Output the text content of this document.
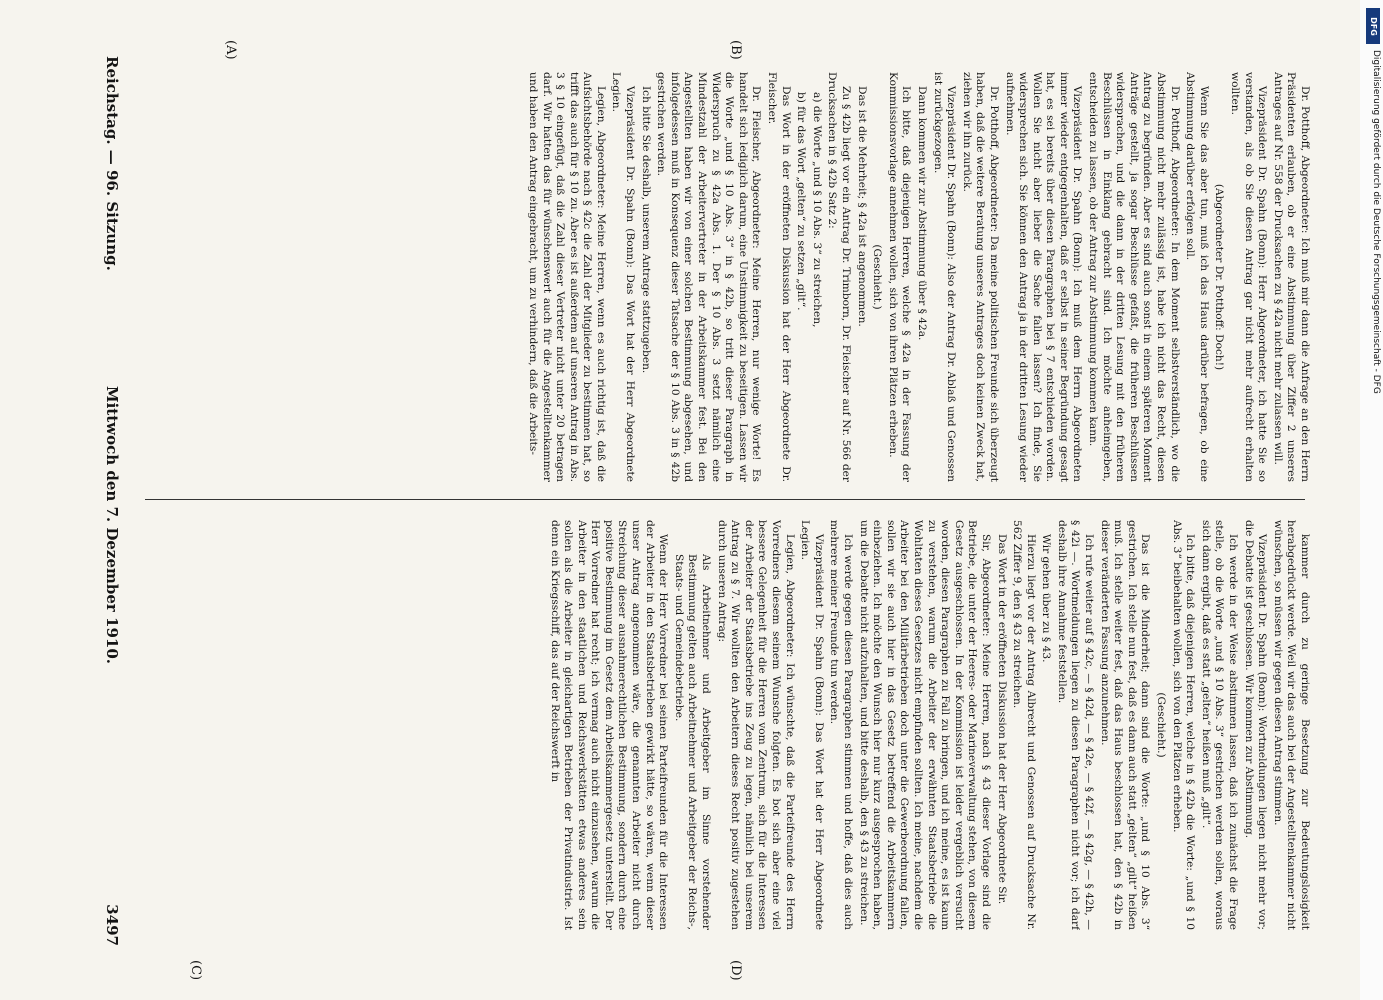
Reichstag. — 96. Sitzung.
Mittwoch den 7. Dezember 1910.
3497
(A)	(B)
(C)	(D)

Dr. Potthoff, Abgeordneter: Ich muß mir dann die Anfrage an den Herrn Präsidenten erlauben, ob er eine Abstimmung über Ziffer 2 unseres Antrages auf Nr. 558 der Drucksachen zu § 42a nicht mehr zulassen will.

Vizepräsident Dr. Spahn (Bonn): Herr Abgeordneter, ich hatte Sie so verstanden, als ob Sie diesen Antrag gar nicht mehr aufrecht erhalten wollten.

(Abgeordneter Dr. Potthoff: Doch!)

Wenn Sie das aber tun, muß ich das Haus darüber befragen, ob eine Abstimmung darüber erfolgen soll.

Dr. Potthoff, Abgeordneter: In dem Moment selbstverständlich, wo die Abstimmung nicht mehr zulässig ist, habe ich nicht das Recht, diesen Antrag zu begründen. Aber es sind auch sonst in einem späteren Moment Anträge gestellt, ja sogar Beschlüsse gefaßt, die früheren Beschlüssen widersprachen, und die dann in der dritten Lesung mit den früheren Beschlüssen in Einklang gebracht sind. Ich möchte anheimgeben, entscheiden zu lassen, ob der Antrag zur Abstimmung kommen kann.

Vizepräsident Dr. Spahn (Bonn): Ich muß dem Herrn Abgeordneten immer wieder entgegenhalten, daß er selbst in seiner Begründung gesagt hat, es sei bereits über diesen Paragraphen bei § 7 entschieden worden. Wollen Sie nicht aber lieber die Sache fallen lassen? Ich finde, Sie widersprechen sich. Sie können den Antrag ja in der dritten Lesung wieder aufnehmen.

Dr. Potthoff, Abgeordneter: Da meine politischen Freunde sich überzeugt haben, daß die weitere Beratung unseres Antrages doch keinen Zweck hat, ziehen wir ihn zurück.

Vizepräsident Dr. Spahn (Bonn): Also der Antrag Dr. Ablaß und Genossen ist zurückgezogen.

Dann kommen wir zur Abstimmung über § 42a.

Ich bitte, daß diejenigen Herren, welche § 42a in der Fassung der Kommissionsvorlage annehmen wollen, sich von ihren Plätzen erheben.

(Geschieht.)

Das ist die Mehrheit; § 42a ist angenommen.

Zu § 42b liegt vor ein Antrag Dr. Trimborn, Dr. Fleischer auf Nr. 566 der Drucksachen in § 42b Satz 2:

a) die Worte „und § 10 Abs. 3“ zu streichen,

b) für das Wort „gelten“ zu setzen „gilt“.

Das Wort in der eröffneten Diskussion hat der Herr Abgeordnete Dr. Fleischer.

Dr. Fleischer, Abgeordneter: Meine Herren, nur wenige Worte! Es handelt sich lediglich darum, eine Unstimmigkeit zu beseitigen. Lassen wir die Worte „und § 10 Abs. 3“ in § 42b, so tritt dieser Paragraph in Widerspruch zu § 42a Abs. 1. Der § 10 Abs. 3 setzt nämlich eine Mindestzahl der Arbeitervertreter in der Arbeitskammer fest. Bei den Angestellten haben wir von einer solchen Bestimmung abgesehen, und infolgedessen muß in Konsequenz dieser Tatsache der § 10 Abs. 3 in § 42b gestrichen werden.

Ich bitte Sie deshalb, unserem Antrage stattzugeben.

Vizepräsident Dr. Spahn (Bonn): Das Wort hat der Herr Abgeordnete Legien.

Legien, Abgeordneter: Meine Herren, wenn es auch richtig ist, daß die Aufsichtsbehörde nach § 42c die Zahl der Mitglieder zu bestimmen hat, so trifft das auch für § 10 zu. Aber es ist außerdem auf unseren Antrag in Abs. 3 § 10 eingefügt, daß die Zahl dieser Vertreter nicht unter 20 betragen darf. Wir hatten das für wünschenswert auch für die Angestelltenkammer und haben den Antrag eingebracht, um zu verhindern, daß die Arbeits-

kammer durch zu geringe Besetzung zur Bedeutungslosigkeit herabgedrückt werde. Weil wir das auch bei der Angestelltenkammer nicht wünschen, so müssen wir gegen diesen Antrag stimmen.

Vizepräsident Dr. Spahn (Bonn): Wortmeldungen liegen nicht mehr vor; die Debatte ist geschlossen. Wir kommen zur Abstimmung.

Ich werde in der Weise abstimmen lassen, daß ich zunächst die Frage stelle, ob die Worte „und § 10 Abs. 3“ gestrichen werden sollen, woraus sich dann ergibt, daß es statt „gelten“ heißen muß „gilt“.

Ich bitte, daß diejenigen Herren, welche in § 42b die Worte: „und § 10 Abs. 3“ beibehalten wollen, sich von den Plätzen erheben.

(Geschieht.)

Das ist die Minderheit; dann sind die Worte: „und § 10 Abs. 3“ gestrichen. Ich stelle nun fest, daß es dann auch statt „gelten“ „gilt“ heißen muß. Ich stelle weiter fest, daß das Haus beschlossen hat, den § 42b in dieser veränderten Fassung anzunehmen.

Ich rufe weiter auf § 42c, — § 42d, — § 42e, — § 42f, — § 42g, — § 42h, — § 42i —. Wortmeldungen liegen zu diesen Paragraphen nicht vor; ich darf deshalb ihre Annahme feststellen.

Wir gehen über zu § 43.

Hierzu liegt vor der Antrag Albrecht und Genossen auf Drucksache Nr. 562 Ziffer 9, den § 43 zu streichen.

Das Wort in der eröffneten Diskussion hat der Herr Abgeordnete Sir.

Sir, Abgeordneter: Meine Herren, nach § 43 dieser Vorlage sind die Betriebe, die unter der Heeres- oder Marineverwaltung stehen, von diesem Gesetz ausgeschlossen. In der Kommission ist leider vergeblich versucht worden, diesen Paragraphen zu Fall zu bringen, und ich meine, es ist kaum zu verstehen, warum die Arbeiter der erwähnten Staatsbetriebe die Wohltaten dieses Gesetzes nicht empfinden sollten. Ich meine, nachdem die Arbeiter bei den Militärbetrieben doch unter die Gewerbeordnung fallen, sollen wir sie auch hier in das Gesetz betreffend die Arbeitskammern einbeziehen. Ich möchte den Wunsch hier nur kurz ausgesprochen haben, um die Debatte nicht aufzuhalten, und bitte deshalb, den § 43 zu streichen.

Ich werde gegen diesen Paragraphen stimmen und hoffe, daß dies auch mehrere meiner Freunde tun werden.

Vizepräsident Dr. Spahn (Bonn): Das Wort hat der Herr Abgeordnete Legien.

Legien, Abgeordneter: Ich wünschte, daß die Parteifreunde des Herrn Vorredners diesem seinem Wunsche folgten. Es bot sich aber eine viel bessere Gelegenheit für die Herren vom Zentrum, sich für die Interessen der Arbeiter der Staatsbetriebe ins Zeug zu legen, nämlich bei unserem Antrag zu § 7. Wir wollten den Arbeitern dieses Recht positiv zugestehen durch unseren Antrag:

Als Arbeitnehmer und Arbeitgeber im Sinne vorstehender Bestimmung gelten auch Arbeitnehmer und Arbeitgeber der Reichs-, Staats- und Gemeindebetriebe.

Wenn der Herr Vorredner bei seinen Parteifreunden für die Interessen der Arbeiter in den Staatsbetrieben gewirkt hätte, so wären, wenn dieser unser Antrag angenommen wäre, die genannten Arbeiter nicht durch Streichung dieser ausnahmerechtlichen Bestimmung, sondern durch eine positive Bestimmung im Gesetz dem Arbeitskammergesetz unterstellt. Der Herr Vorredner hat recht; ich vermag auch nicht einzusehen, warum die Arbeiter in den staatlichen und Reichswerkstätten etwas anderes sein sollen als die Arbeiter in gleichartigen Betrieben der Privatindustrie. Ist denn ein Kriegsschiff, das auf der Reichswerft in

DFG
Digitalisierung gefördert durch die Deutsche Forschungsgemeinschaft - DFG
